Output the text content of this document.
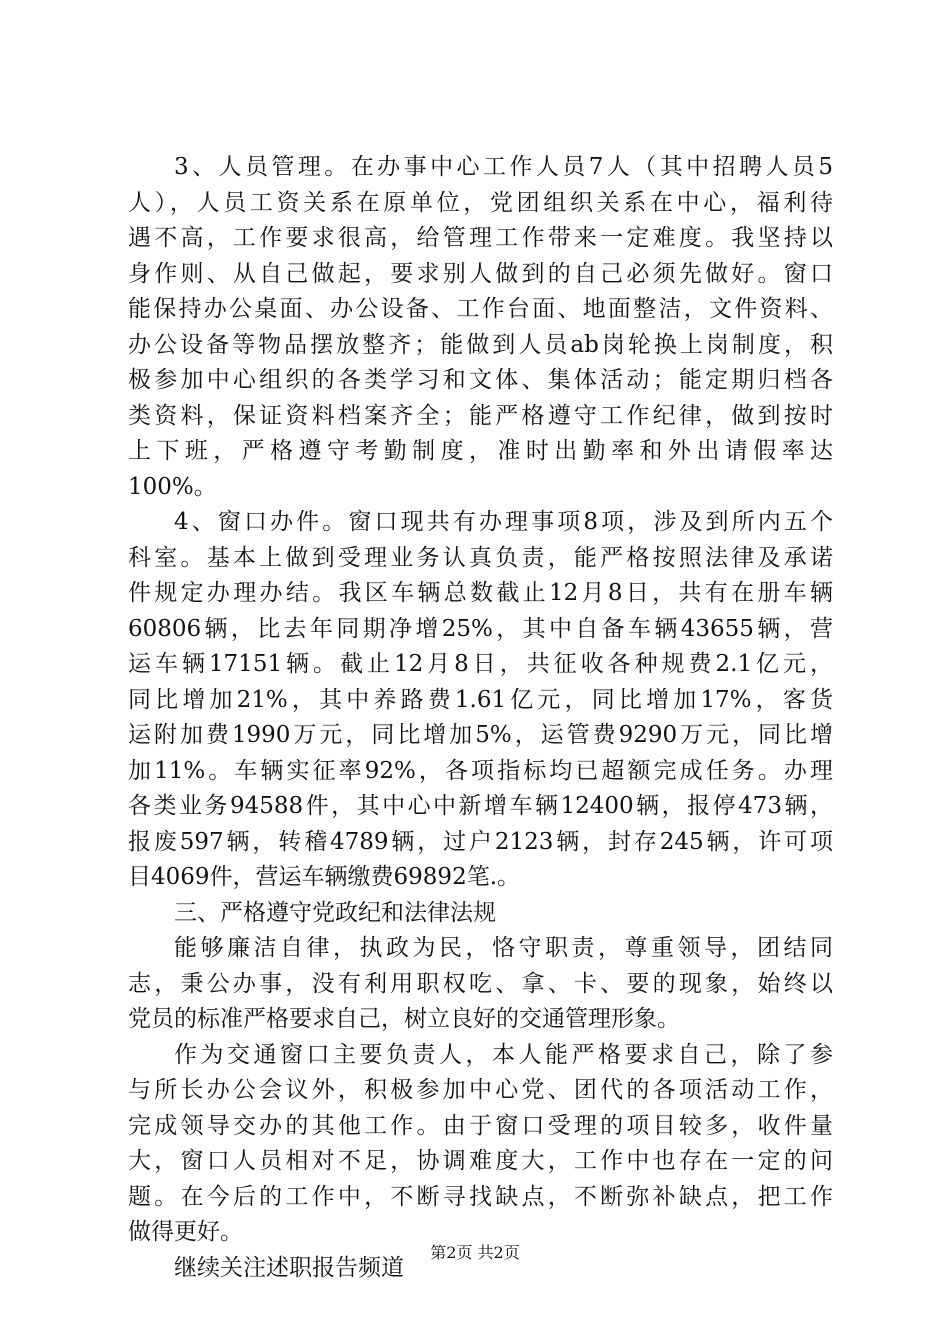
3、人员管理。在办事中心工作人员7人（其中招聘人员5
人），人员工资关系在原单位，党团组织关系在中心，福利待
遇不高，工作要求很高，给管理工作带来一定难度。我坚持以
身作则、从自己做起，要求别人做到的自己必须先做好。窗口
能保持办公桌面、办公设备、工作台面、地面整洁，文件资料、
办公设备等物品摆放整齐；能做到人员ab岗轮换上岗制度，积
极参加中心组织的各类学习和文体、集体活动；能定期归档各
类资料，保证资料档案齐全；能严格遵守工作纪律，做到按时
上下班，严格遵守考勤制度，准时出勤率和外出请假率达
100%。
4、窗口办件。窗口现共有办理事项8项，涉及到所内五个
科室。基本上做到受理业务认真负责，能严格按照法律及承诺
件规定办理办结。我区车辆总数截止12月8日，共有在册车辆
60806辆，比去年同期净增25%，其中自备车辆43655辆，营
运车辆17151辆。截止12月8日，共征收各种规费2.1亿元，
同比增加21%，其中养路费1.61亿元，同比增加17%，客货
运附加费1990万元，同比增加5%，运管费9290万元，同比增
加11%。车辆实征率92%，各项指标均已超额完成任务。办理
各类业务94588件，其中心中新增车辆12400辆，报停473辆，
报废597辆，转稽4789辆，过户2123辆，封存245辆，许可项
目4069件，营运车辆缴费69892笔.。
三、严格遵守党政纪和法律法规
能够廉洁自律，执政为民，恪守职责，尊重领导，团结同
志，秉公办事，没有利用职权吃、拿、卡、要的现象，始终以
党员的标准严格要求自己，树立良好的交通管理形象。
作为交通窗口主要负责人，本人能严格要求自己，除了参
与所长办公会议外，积极参加中心党、团代的各项活动工作，
完成领导交办的其他工作。由于窗口受理的项目较多，收件量
大，窗口人员相对不足，协调难度大，工作中也存在一定的问
题。在今后的工作中，不断寻找缺点，不断弥补缺点，把工作
做得更好。
继续关注述职报告频道
第2页 共2页
